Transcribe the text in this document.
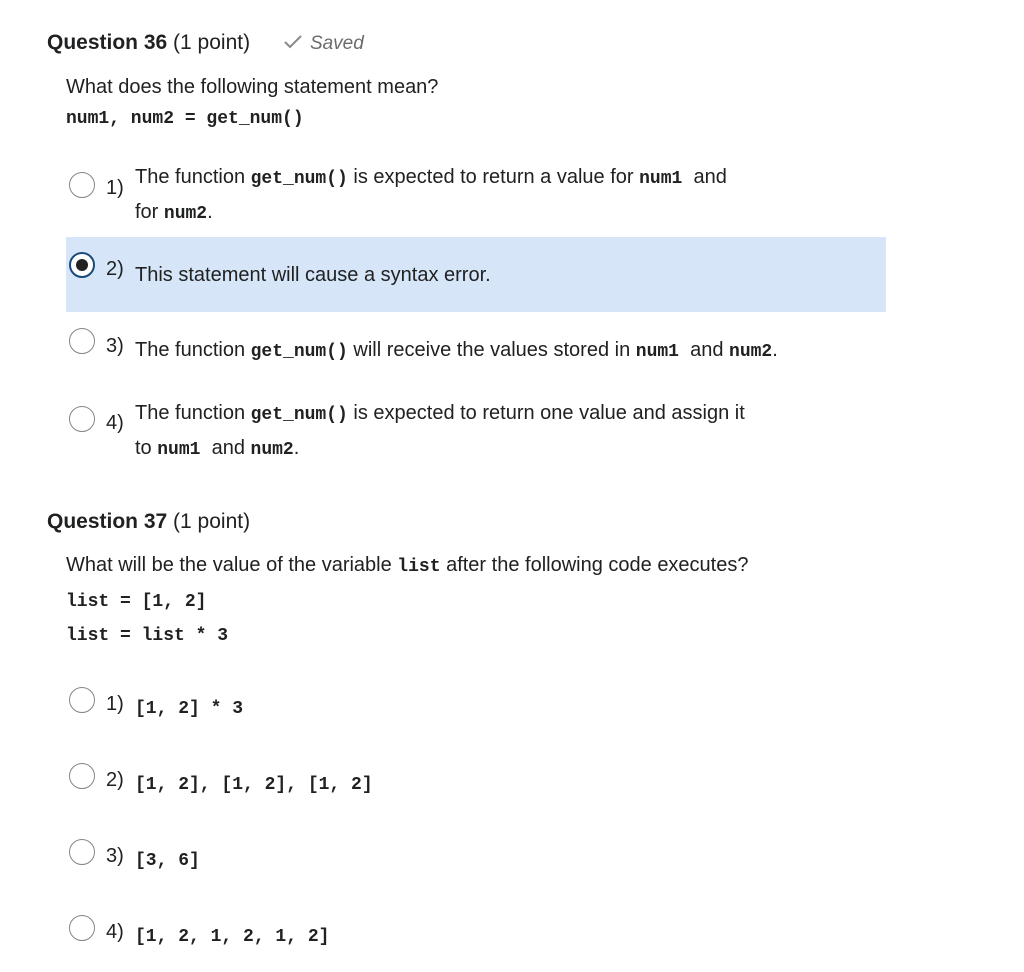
Question 36 (1 point)	Saved
What does the following statement mean?
num1, num2 = get_num()
1) The function get_num() is expected to return a value for num1  and
for num2.
2) This statement will cause a syntax error.
3) The function get_num() will receive the values stored in num1  and num2.
4) The function get_num() is expected to return one value and assign it
to num1  and num2.
Question 37 (1 point)
What will be the value of the variable list after the following code executes?
list = [1, 2]
list = list * 3
1) [1, 2] * 3
2) [1, 2], [1, 2], [1, 2]
3) [3, 6]
4) [1, 2, 1, 2, 1, 2]
